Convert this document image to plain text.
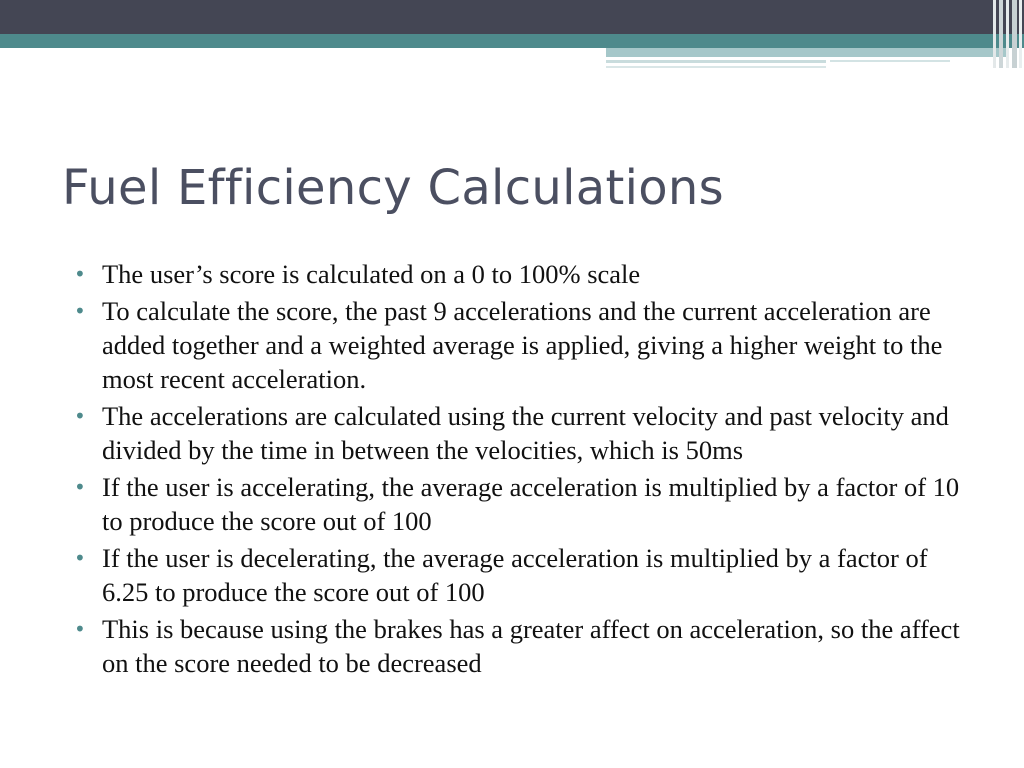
Fuel Efficiency Calculations
• The user’s score is calculated on a 0 to 100% scale
• To calculate the score, the past 9 accelerations and the current acceleration are added together and a weighted average is applied, giving a higher weight to the most recent acceleration.
• The accelerations are calculated using the current velocity and past velocity and divided by the time in between the velocities, which is 50ms
• If the user is accelerating, the average acceleration is multiplied by a factor of 10 to produce the score out of 100
• If the user is decelerating, the average acceleration is multiplied by a factor of 6.25 to produce the score out of 100
• This is because using the brakes has a greater affect on acceleration, so the affect on the score needed to be decreased
